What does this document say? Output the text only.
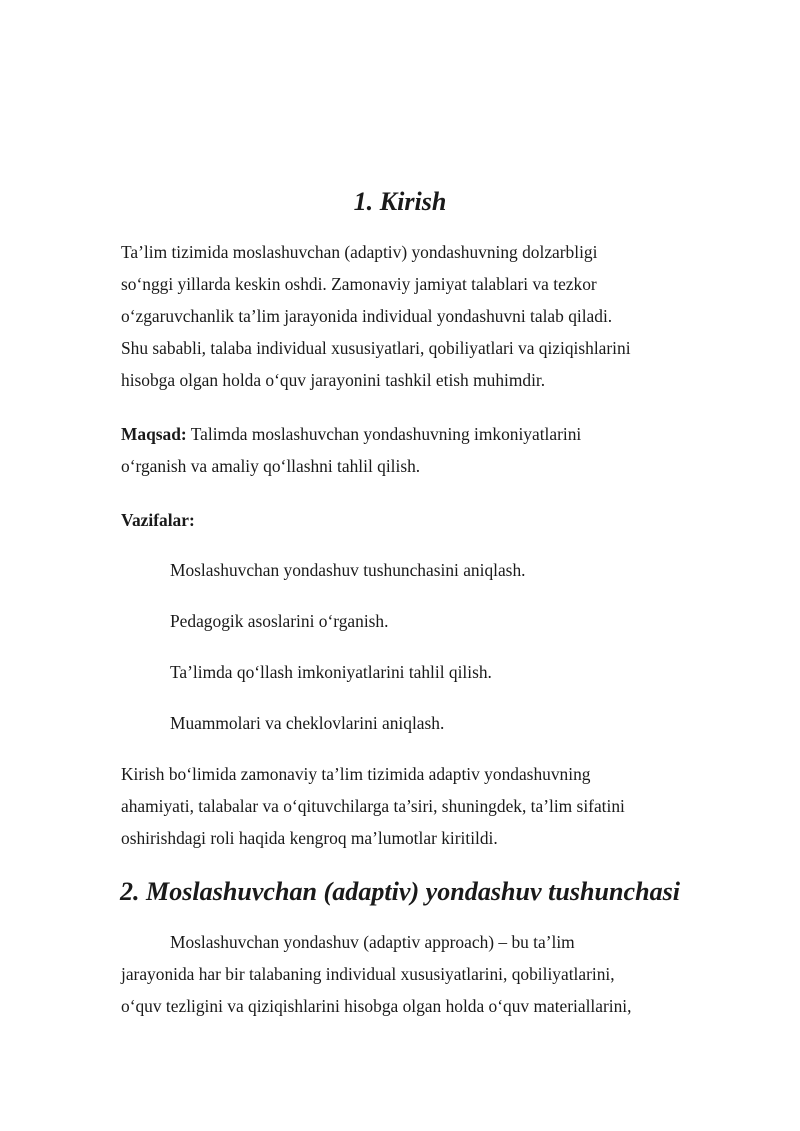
1. Kirish

Ta’lim tizimida moslashuvchan (adaptiv) yondashuvning dolzarbligi
so‘nggi yillarda keskin oshdi. Zamonaviy jamiyat talablari va tezkor
o‘zgaruvchanlik ta’lim jarayonida individual yondashuvni talab qiladi.
Shu sababli, talaba individual xususiyatlari, qobiliyatlari va qiziqishlarini
hisobga olgan holda o‘quv jarayonini tashkil etish muhimdir.

Maqsad: Talimda moslashuvchan yondashuvning imkoniyatlarini
o‘rganish va amaliy qo‘llashni tahlil qilish.

Vazifalar:

Moslashuvchan yondashuv tushunchasini aniqlash.

Pedagogik asoslarini o‘rganish.

Ta’limda qo‘llash imkoniyatlarini tahlil qilish.

Muammolari va cheklovlarini aniqlash.

Kirish bo‘limida zamonaviy ta’lim tizimida adaptiv yondashuvning
ahamiyati, talabalar va o‘qituvchilarga ta’siri, shuningdek, ta’lim sifatini
oshirishdagi roli haqida kengroq ma’lumotlar kiritildi.

2. Moslashuvchan (adaptiv) yondashuv tushunchasi

Moslashuvchan yondashuv (adaptiv approach) – bu ta’lim
jarayonida har bir talabaning individual xususiyatlarini, qobiliyatlarini,
o‘quv tezligini va qiziqishlarini hisobga olgan holda o‘quv materiallarini,
